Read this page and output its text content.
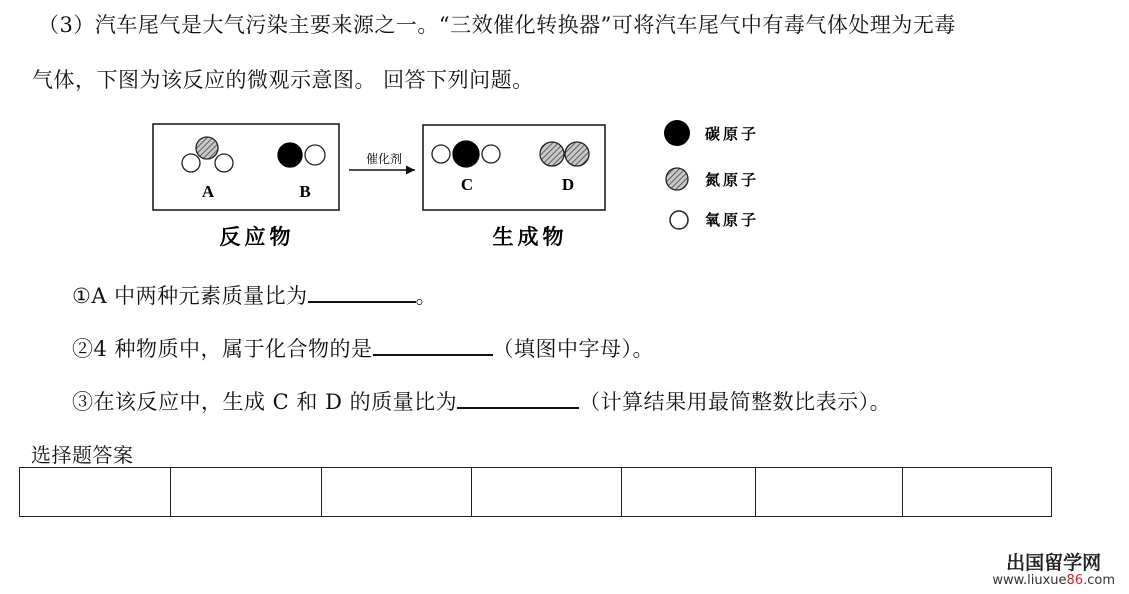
（3）汽车尾气是大气污染主要来源之一。“三效催化转换器”可将汽车尾气中有毒气体处理为无毒
气体，下图为该反应的微观示意图。 回答下列问题。
A	B
反应物
催化剂
C	D
生成物
碳原子
氮原子
氧原子
①A 中两种元素质量比为	。
②4 种物质中，属于化合物的是	（填图中字母）。
③在该反应中，生成 C 和 D 的质量比为	（计算结果用最简整数比表示）。
选择题答案

出国留学网
www.liuxue86.com
